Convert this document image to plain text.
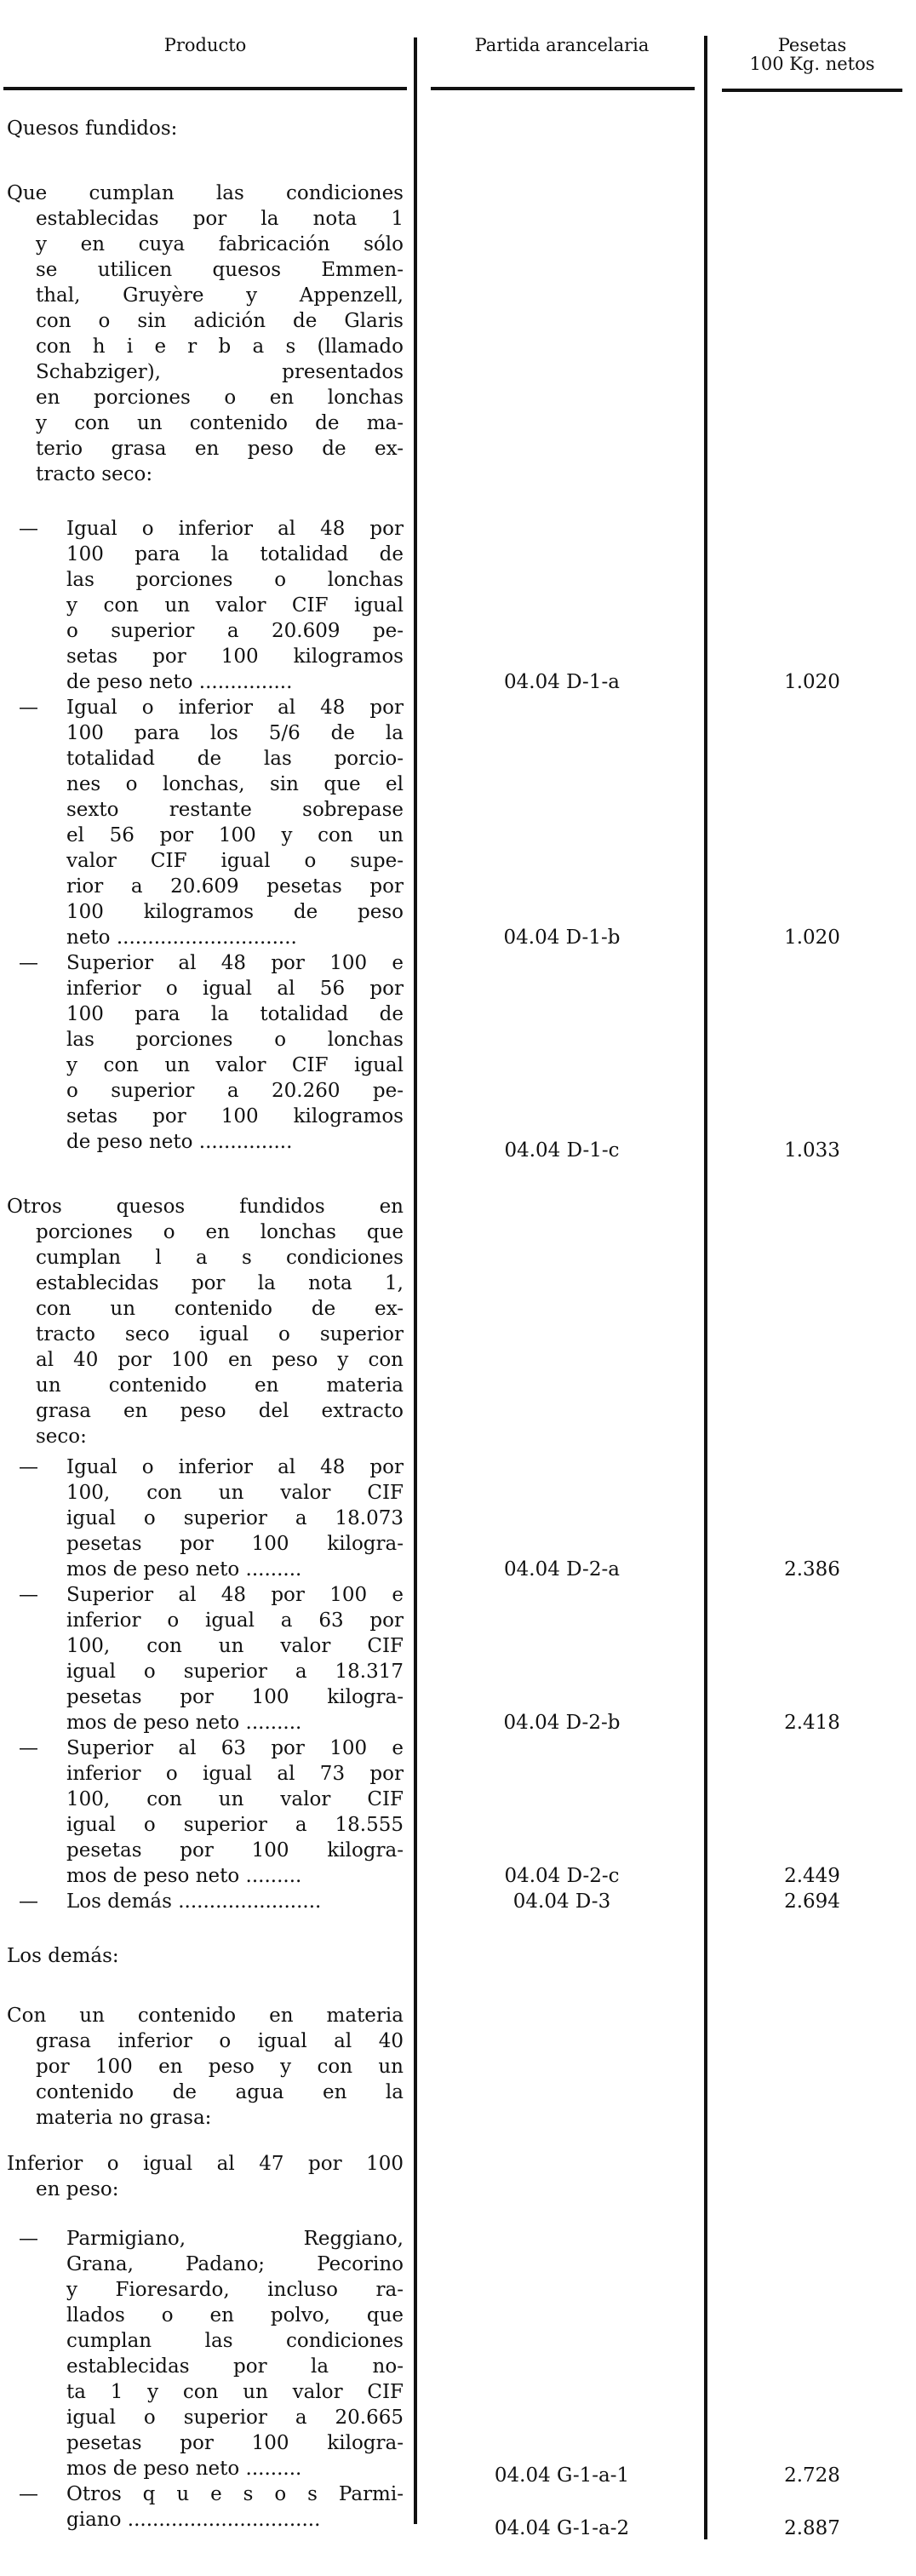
Producto	Partida arancelaria	Pesetas
100 Kg. netos
Quesos fundidos:
Que cumplan las condiciones
establecidas por la nota 1
y en cuya fabricación sólo
se utilicen quesos Emmen-
thal, Gruyère y Appenzell,
con o sin adición de Glaris
con h i e r b a s (llamado
Schabziger), presentados
en porciones o en lonchas
y con un contenido de ma-
terio grasa en peso de ex-
tracto seco:
—	Igual o inferior al 48 por
100 para la totalidad de
las porciones o lonchas
y con un valor CIF igual
o superior a 20.609 pe-
setas por 100 kilogramos
de peso neto ...............	04.04 D-1-a	1.020
—	Igual o inferior al 48 por
100 para los 5/6 de la
totalidad de las porcio-
nes o lonchas, sin que el
sexto restante sobrepase
el 56 por 100 y con un
valor CIF igual o supe-
rior a 20.609 pesetas por
100 kilogramos de peso
neto .............................	04.04 D-1-b	1.020
—	Superior al 48 por 100 e
inferior o igual al 56 por
100 para la totalidad de
las porciones o lonchas
y con un valor CIF igual
o superior a 20.260 pe-
setas por 100 kilogramos
de peso neto ...............	04.04 D-1-c	1.033
Otros quesos fundidos en
porciones o en lonchas que
cumplan l a s condiciones
establecidas por la nota 1,
con un contenido de ex-
tracto seco igual o superior
al 40 por 100 en peso y con
un contenido en materia
grasa en peso del extracto
seco:
—	Igual o inferior al 48 por
100, con un valor CIF
igual o superior a 18.073
pesetas por 100 kilogra-
mos de peso neto .........	04.04 D-2-a	2.386
—	Superior al 48 por 100 e
inferior o igual a 63 por
100, con un valor CIF
igual o superior a 18.317
pesetas por 100 kilogra-
mos de peso neto .........	04.04 D-2-b	2.418
—	Superior al 63 por 100 e
inferior o igual al 73 por
100, con un valor CIF
igual o superior a 18.555
pesetas por 100 kilogra-
mos de peso neto .........	04.04 D-2-c	2.449
—	Los demás .......................	04.04 D-3	2.694
Los demás:
Con un contenido en materia
grasa inferior o igual al 40
por 100 en peso y con un
contenido de agua en la
materia no grasa:
Inferior o igual al 47 por 100
en peso:
—	Parmigiano, Reggiano,
Grana, Padano; Pecorino
y Fioresardo, incluso ra-
llados o en polvo, que
cumplan las condiciones
establecidas por la no-
ta 1 y con un valor CIF
igual o superior a 20.665
pesetas por 100 kilogra-
mos de peso neto .........	04.04 G-1-a-1	2.728
—	Otros q u e s o s Parmi-
giano ...............................	04.04 G-1-a-2	2.887
